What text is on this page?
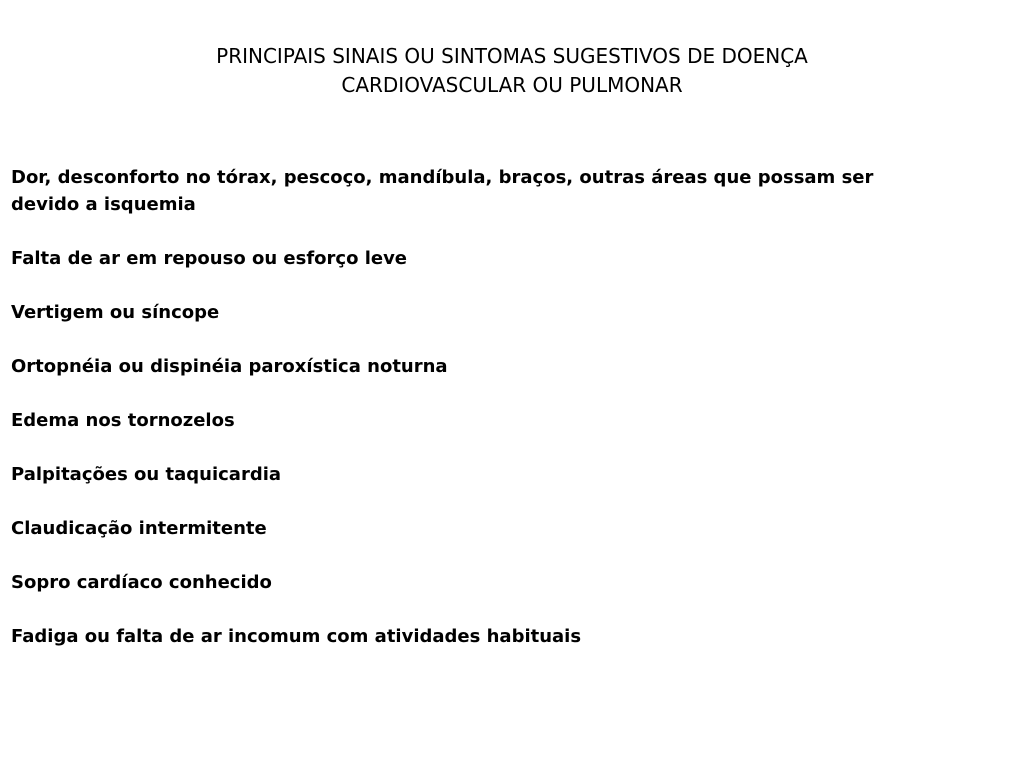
PRINCIPAIS SINAIS OU SINTOMAS SUGESTIVOS DE DOENÇA
CARDIOVASCULAR OU PULMONAR
Dor, desconforto no tórax, pescoço, mandíbula, braços, outras áreas que possam ser devido a isquemia
Falta de ar em repouso ou esforço leve
Vertigem ou síncope
Ortopnéia ou dispinéia paroxística noturna
Edema nos tornozelos
Palpitações ou taquicardia
Claudicação intermitente
Sopro cardíaco conhecido
Fadiga ou falta de ar incomum com atividades habituais
